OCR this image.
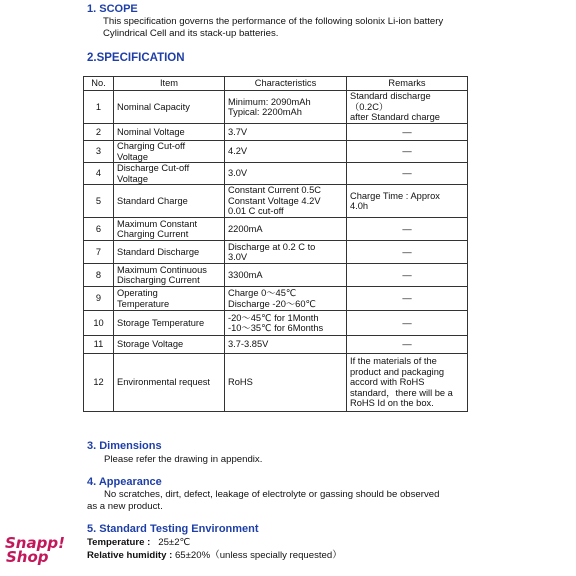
1. SCOPE
This specification governs the performance of the following solonix Li-ion battery Cylindrical Cell and its stack-up batteries.
2.SPECIFICATION
No.	Item	Characteristics	Remarks
1	Nominal Capacity	Minimum: 2090mAh
Typical: 2200mAh	Standard discharge
（0.2C）
after Standard charge
2	Nominal Voltage	3.7V	—
3	Charging Cut-off
Voltage	4.2V	—
4	Discharge Cut-off
Voltage	3.0V	—
5	Standard Charge	Constant Current 0.5C
Constant Voltage 4.2V
0.01 C cut-off	Charge Time : Approx
4.0h
6	Maximum Constant
Charging Current	2200mA	—
7	Standard Discharge	Discharge at 0.2 C to
3.0V	—
8	Maximum Continuous
Discharging Current	3300mA	—
9	Operating
Temperature	Charge 0～45℃
Discharge -20～60℃	—
10	Storage Temperature	-20～45℃ for 1Month
-10～35℃ for 6Months	—
11	Storage Voltage	3.7-3.85V	—
12	Environmental request	RoHS	If the materials of the
product and packaging
accord with RoHS
standard，there will be a
RoHS Id on the box.
3. Dimensions
Please refer the drawing in appendix.
4. Appearance
No scratches, dirt, defect, leakage of electrolyte or gassing should be observed
as a new product.
5. Standard Testing Environment
Temperature : 25±2℃
Relative humidity : 65±20%（unless specially requested）
Snapp!
Shop
